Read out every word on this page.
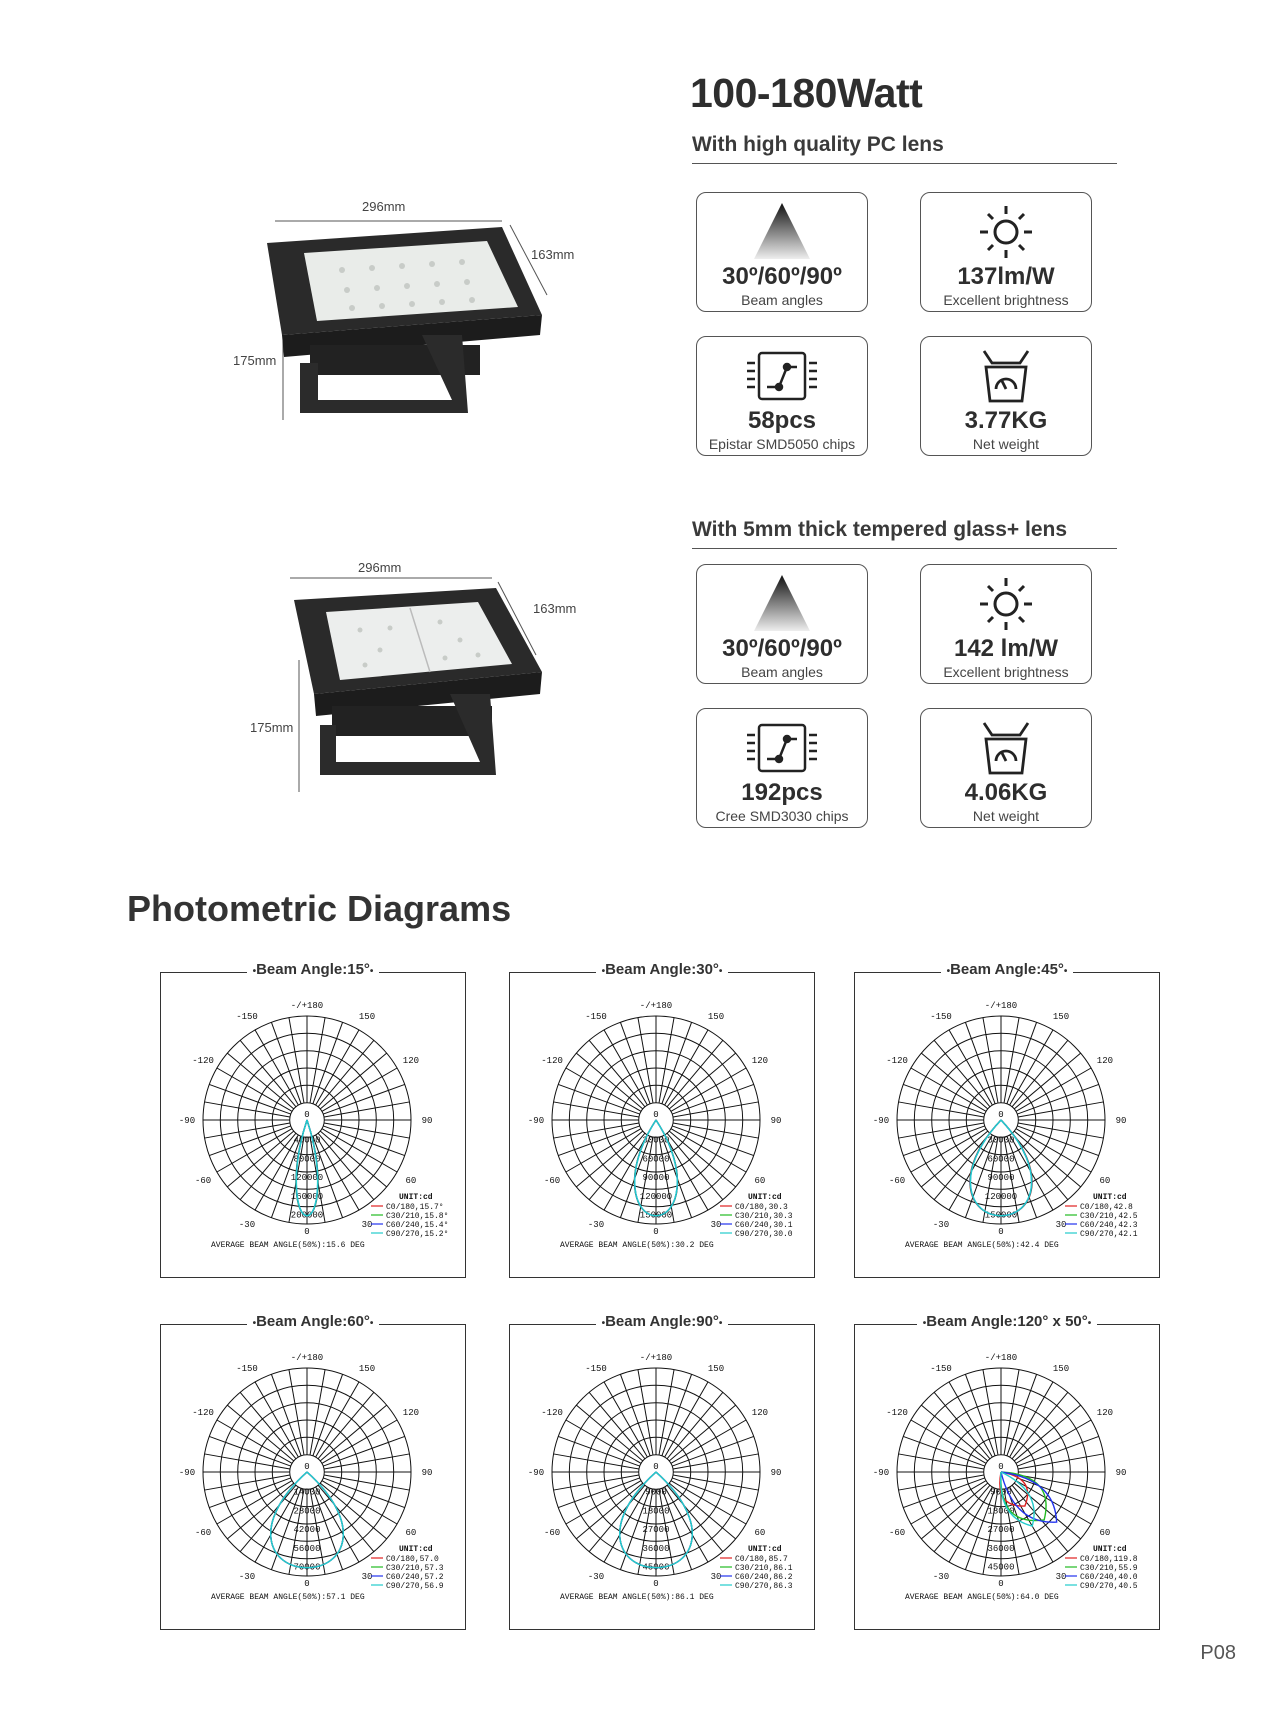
100-180Watt
With high quality PC lens
296mm
163mm
175mm
30º/60º/90º
Beam angles
137lm/W
Excellent brightness
58pcs
Epistar SMD5050 chips
3.77KG
Net weight
With 5mm thick tempered glass+ lens
296mm
163mm
175mm
30º/60º/90º
Beam angles
142 lm/W
Excellent brightness
192pcs
Cree SMD3030 chips
4.06KG
Net weight
Photometric Diagrams
• Beam Angle:15° •
-/+180
-150	150
-120	120
-90	90
-60	60
-30	30
0
0
40000
80000
120000
160000
200000
UNIT:cd
C0/180,15.7°
C30/210,15.8°
C60/240,15.4°
C90/270,15.2°
AVERAGE BEAM ANGLE(50%):15.6 DEG
• Beam Angle:30° •
-/+180
-150	150
-120	120
-90	90
-60	60
-30	30
0
0
30000
60000
90000
120000
150000
UNIT:cd
C0/180,30.3
C30/210,30.3
C60/240,30.1
C90/270,30.0
AVERAGE BEAM ANGLE(50%):30.2 DEG
• Beam Angle:45° •
-/+180
-150	150
-120	120
-90	90
-60	60
-30	30
0
0
30000
60000
90000
120000
150000
UNIT:cd
C0/180,42.8
C30/210,42.5
C60/240,42.3
C90/270,42.1
AVERAGE BEAM ANGLE(50%):42.4 DEG
• Beam Angle:60° •
-/+180
-150	150
-120	120
-90	90
-60	60
-30	30
0
0
14000
28000
42000
56000
70000
UNIT:cd
C0/180,57.0
C30/210,57.3
C60/240,57.2
C90/270,56.9
AVERAGE BEAM ANGLE(50%):57.1 DEG
• Beam Angle:90° •
-/+180
-150	150
-120	120
-90	90
-60	60
-30	30
0
0
9000
18000
27000
36000
45000
UNIT:cd
C0/180,85.7
C30/210,86.1
C60/240,86.2
C90/270,86.3
AVERAGE BEAM ANGLE(50%):86.1 DEG
• Beam Angle:120° x 50° •
-/+180
-150	150
-120	120
-90	90
-60	60
-30	30
0
0
9000
18000
27000
36000
45000
UNIT:cd
C0/180,119.8
C30/210,55.9
C60/240,40.0
C90/270,40.5
AVERAGE BEAM ANGLE(50%):64.0 DEG
P08
